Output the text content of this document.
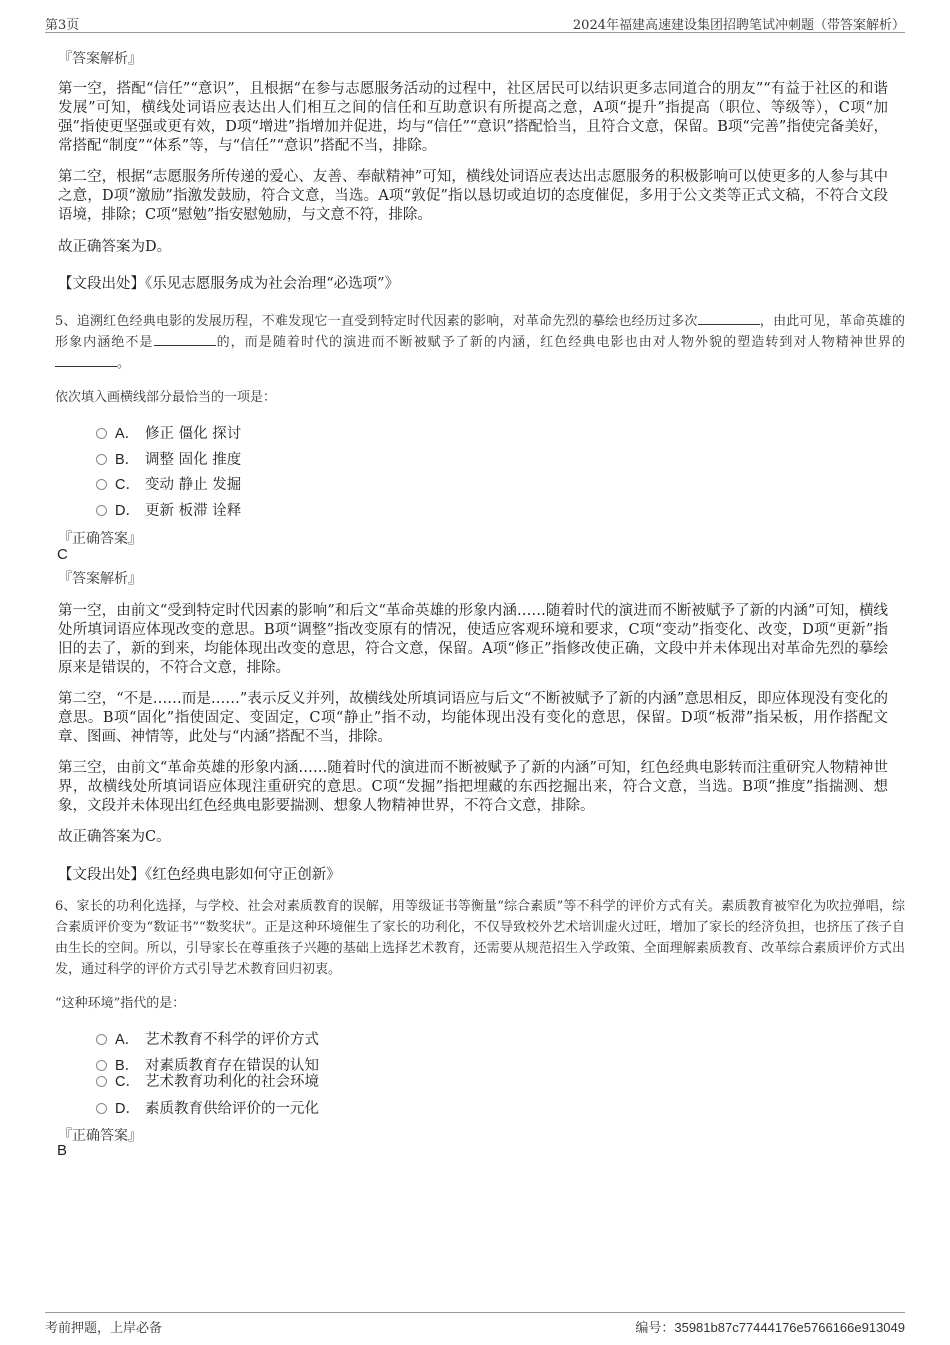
第3页	2024年福建高速建设集团招聘笔试冲刺题（带答案解析）
『答案解析』

第一空，搭配“信任”“意识”，且根据“在参与志愿服务活动的过程中，社区居民可以结识更多志同道合的朋友”“有益于社区的和谐发展”可知，横线处词语应表达出人们相互之间的信任和互助意识有所提高之意，A项“提升”指提高（职位、等级等），C项“加强”指使更坚强或更有效，D项“增进”指增加并促进，均与“信任”“意识”搭配恰当，且符合文意，保留。B项“完善”指使完备美好，常搭配“制度”“体系”等，与“信任”“意识”搭配不当，排除。

第二空，根据“志愿服务所传递的爱心、友善、奉献精神”可知，横线处词语应表达出志愿服务的积极影响可以使更多的人参与其中之意，D项“激励”指激发鼓励，符合文意，当选。A项“敦促”指以恳切或迫切的态度催促，多用于公文类等正式文稿，不符合文段语境，排除；C项“慰勉”指安慰勉励，与文意不符，排除。

故正确答案为D。
【文段出处】《乐见志愿服务成为社会治理“必选项”》

5、追溯红色经典电影的发展历程，不难发现它一直受到特定时代因素的影响，对革命先烈的摹绘也经历过多次	，由此可见，革命英雄的形象内涵绝不是	的，而是随着时代的演进而不断被赋予了新的内涵，红色经典电影也由对人物外貌的塑造转到对人物精神世界的。

依次填入画横线部分最恰当的一项是：
A． 修正 僵化 探讨
B． 调整 固化 推度
C． 变动 静止 发掘
D． 更新 板滞 诠释
『正确答案』
C
『答案解析』

第一空，由前文“受到特定时代因素的影响”和后文“革命英雄的形象内涵……随着时代的演进而不断被赋予了新的内涵”可知，横线处所填词语应体现改变的意思。B项“调整”指改变原有的情况，使适应客观环境和要求，C项“变动”指变化、改变，D项“更新”指旧的去了，新的到来，均能体现出改变的意思，符合文意，保留。A项“修正”指修改使正确，文段中并未体现出对革命先烈的摹绘原来是错误的，不符合文意，排除。

第二空，“不是……而是……”表示反义并列，故横线处所填词语应与后文“不断被赋予了新的内涵”意思相反，即应体现没有变化的意思。B项“固化”指使固定、变固定，C项“静止”指不动，均能体现出没有变化的意思，保留。D项“板滞”指呆板，用作搭配文章、图画、神情等，此处与“内涵”搭配不当，排除。

第三空，由前文“革命英雄的形象内涵……随着时代的演进而不断被赋予了新的内涵”可知，红色经典电影转而注重研究人物精神世界，故横线处所填词语应体现注重研究的意思。C项“发掘”指把埋藏的东西挖掘出来，符合文意，当选。B项“推度”指揣测、想象，文段并未体现出红色经典电影要揣测、想象人物精神世界，不符合文意，排除。

故正确答案为C。
【文段出处】《红色经典电影如何守正创新》

6、家长的功利化选择，与学校、社会对素质教育的误解，用等级证书等衡量“综合素质”等不科学的评价方式有关。素质教育被窄化为吹拉弹唱，综合素质评价变为“数证书”“数奖状”。正是这种环境催生了家长的功利化，不仅导致校外艺术培训虚火过旺，增加了家长的经济负担，也挤压了孩子自由生长的空间。所以，引导家长在尊重孩子兴趣的基础上选择艺术教育，还需要从规范招生入学政策、全面理解素质教育、改革综合素质评价方式出发，通过科学的评价方式引导艺术教育回归初衷。

“这种环境”指代的是：
A． 艺术教育不科学的评价方式
B． 对素质教育存在错误的认知
C． 艺术教育功利化的社会环境
D． 素质教育供给评价的一元化
『正确答案』
B
考前押题，上岸必备	编号：35981b87c77444176e5766166e913049
